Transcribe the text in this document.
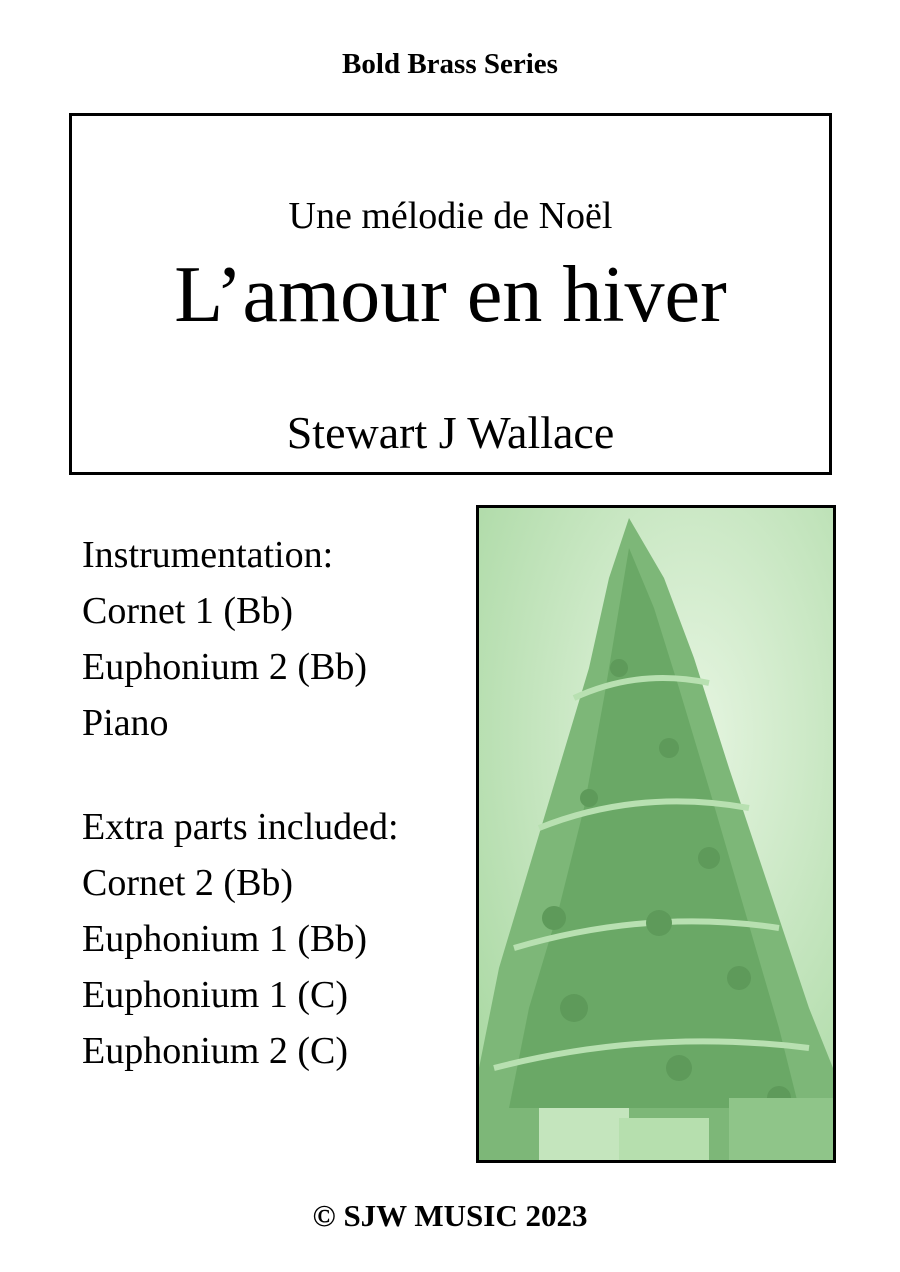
Bold Brass Series
Une mélodie de Noël
L’amour en hiver
Stewart J Wallace
Instrumentation:
Cornet 1 (Bb)
Euphonium 2 (Bb)
Piano
Extra parts included:
Cornet 2 (Bb)
Euphonium 1 (Bb)
Euphonium 1 (C)
Euphonium 2 (C)
© SJW MUSIC 2023
